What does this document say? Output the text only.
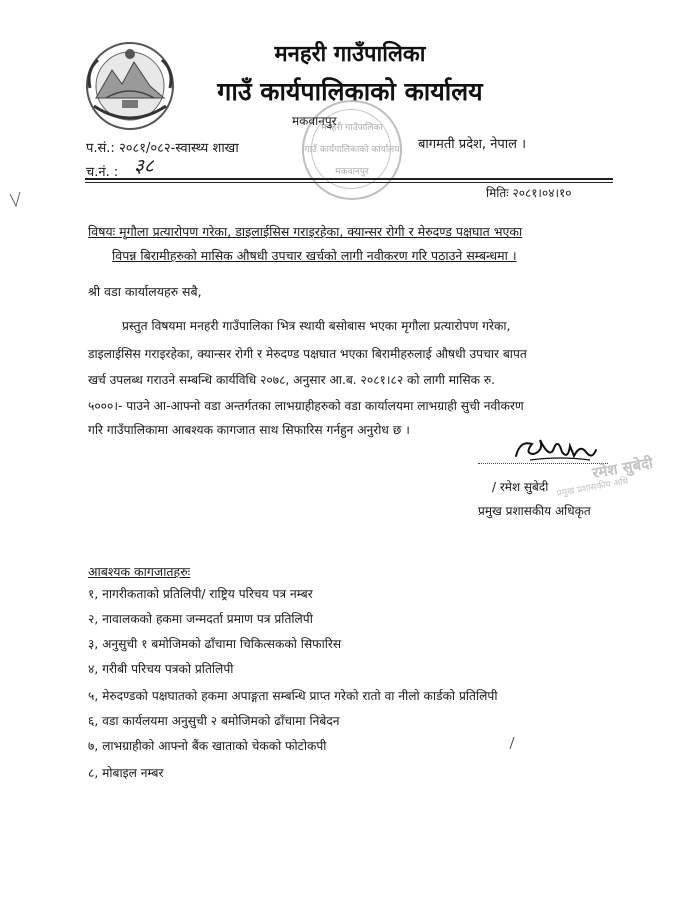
मनहरी गाउँपालिका
गाउँ कार्यपालिकाको कार्यालय
मनहरी गाउँपालिका
गाउँ कार्यपालिकाको कार्यालय
मकवानपुर
मकवानपुर
बागमती प्रदेश, नेपाल ।
प.सं.: २०८१/०८२-स्वास्थ्य शाखा
च.नं. : ३८
मितिः २०८१।०४।१०
विषयः मृगौला प्रत्यारोपण गरेका, डाइलाईसिस गराइरहेका, क्यान्सर रोगी र मेरुदण्ड पक्षघात भएका
विपन्न बिरामीहरुको मासिक औषधी उपचार खर्चको लागी नवीकरण गरि पठाउने सम्बन्धमा ।
श्री वडा कार्यालयहरु सबै,
प्रस्तुत विषयमा मनहरी गाउँपालिका भित्र स्थायी बसोबास भएका मृगौला प्रत्यारोपण गरेका,
डाइलाईसिस गराइरहेका, क्यान्सर रोगी र मेरुदण्ड पक्षघात भएका बिरामीहरुलाई औषधी उपचार बापत
खर्च उपलब्ध गराउने सम्बन्धि कार्यविधि २०७८, अनुसार आ.ब. २०८१।८२ को लागी मासिक रु.
५०००।- पाउने आ-आफ्नो वडा अन्तर्गतका लाभग्राहीहरुको वडा कार्यालयमा लाभग्राही सुची नवीकरण
गरि गाउँपालिकामा आबश्यक कागजात साथ सिफारिस गर्नहुन अनुरोध छ ।
रमेश सुबेदी
प्रमुख प्रशासकीय अधि
/ रमेश सुबेदी
प्रमुख प्रशासकीय अधिकृत
आबश्यक कागजातहरुः
१, नागरीकताको प्रतिलिपी/ राष्ट्रिय परिचय पत्र नम्बर
२, नावालकको हकमा जन्मदर्ता प्रमाण पत्र प्रतिलिपी
३, अनुसुची १ बमोजिमको ढाँचामा चिकित्सकको सिफारिस
४, गरीबी परिचय पत्रको प्रतिलिपी
५, मेरुदण्डको पक्षघातको हकमा अपाङ्गता सम्बन्धि प्राप्त गरेको रातो वा नीलो कार्डको प्रतिलिपी
६, वडा कार्यलयमा अनुसुची २ बमोजिमको ढाँचामा निबेदन
७, लाभग्राहीको आफ्नो बैंक खाताको चेकको फोटोकपी
८, मोबाइल नम्बर
